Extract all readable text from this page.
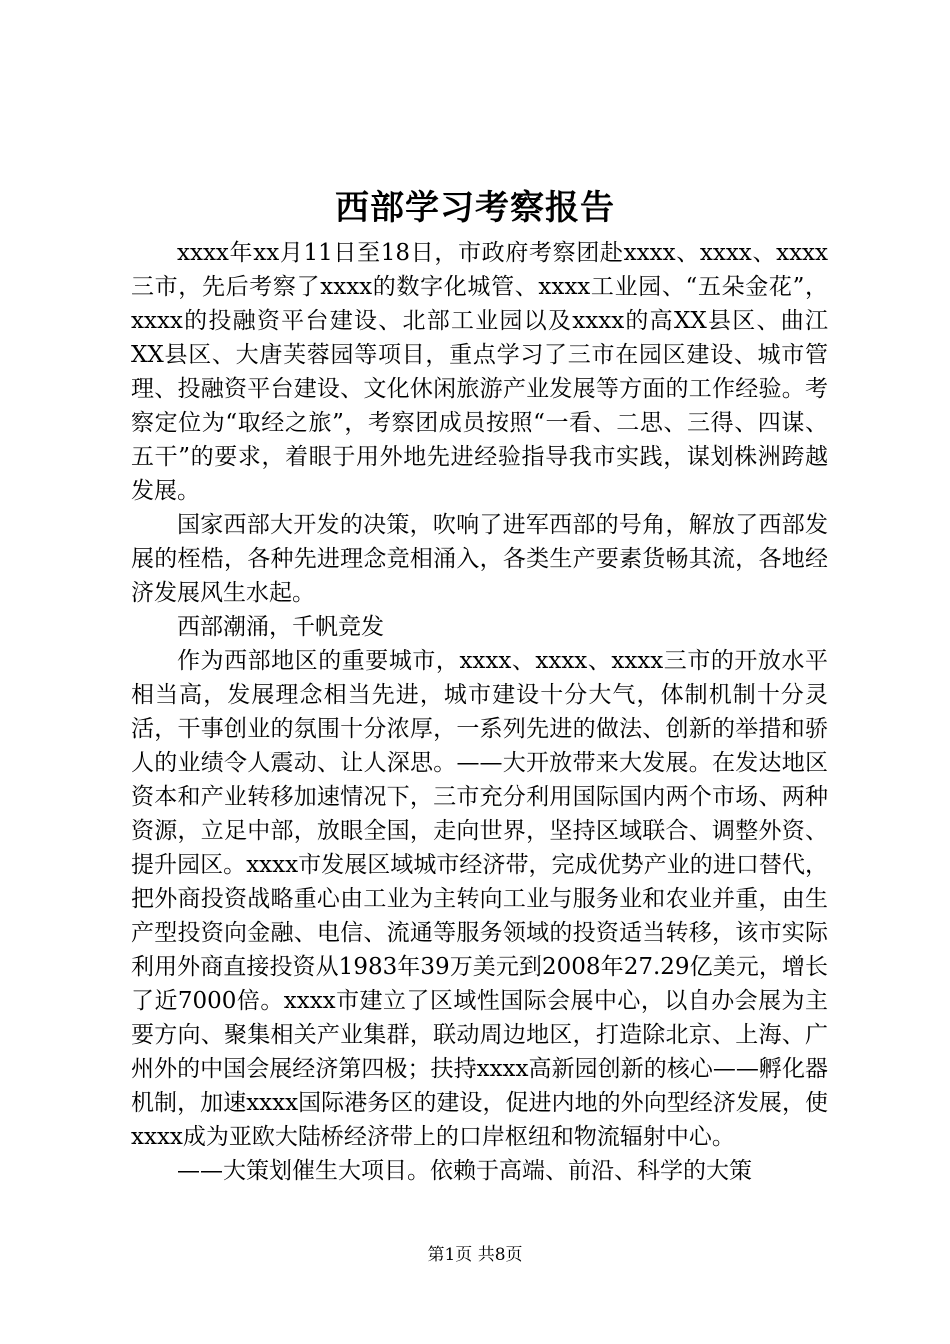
西部学习考察报告

xxxx年xx月11日至18日，市政府考察团赴xxxx、xxxx、xxxx三市，先后考察了xxxx的数字化城管、xxxx工业园、“五朵金花”，xxxx的投融资平台建设、北部工业园以及xxxx的高XX县区、曲江XX县区、大唐芙蓉园等项目，重点学习了三市在园区建设、城市管理、投融资平台建设、文化休闲旅游产业发展等方面的工作经验。考察定位为“取经之旅”，考察团成员按照“一看、二思、三得、四谋、五干”的要求，着眼于用外地先进经验指导我市实践，谋划株洲跨越发展。

国家西部大开发的决策，吹响了进军西部的号角，解放了西部发展的桎梏，各种先进理念竞相涌入，各类生产要素货畅其流，各地经济发展风生水起。

西部潮涌，千帆竞发

作为西部地区的重要城市，xxxx、xxxx、xxxx三市的开放水平相当高，发展理念相当先进，城市建设十分大气，体制机制十分灵活，干事创业的氛围十分浓厚，一系列先进的做法、创新的举措和骄人的业绩令人震动、让人深思。——大开放带来大发展。在发达地区资本和产业转移加速情况下，三市充分利用国际国内两个市场、两种资源，立足中部，放眼全国，走向世界，坚持区域联合、调整外资、提升园区。xxxx市发展区域城市经济带，完成优势产业的进口替代，把外商投资战略重心由工业为主转向工业与服务业和农业并重，由生产型投资向金融、电信、流通等服务领域的投资适当转移，该市实际利用外商直接投资从1983年39万美元到2008年27.29亿美元，增长了近7000倍。xxxx市建立了区域性国际会展中心，以自办会展为主要方向、聚集相关产业集群，联动周边地区，打造除北京、上海、广州外的中国会展经济第四极；扶持xxxx高新园创新的核心——孵化器机制，加速xxxx国际港务区的建设，促进内地的外向型经济发展，使xxxx成为亚欧大陆桥经济带上的口岸枢纽和物流辐射中心。

——大策划催生大项目。依赖于高端、前沿、科学的大策

第1页 共8页
